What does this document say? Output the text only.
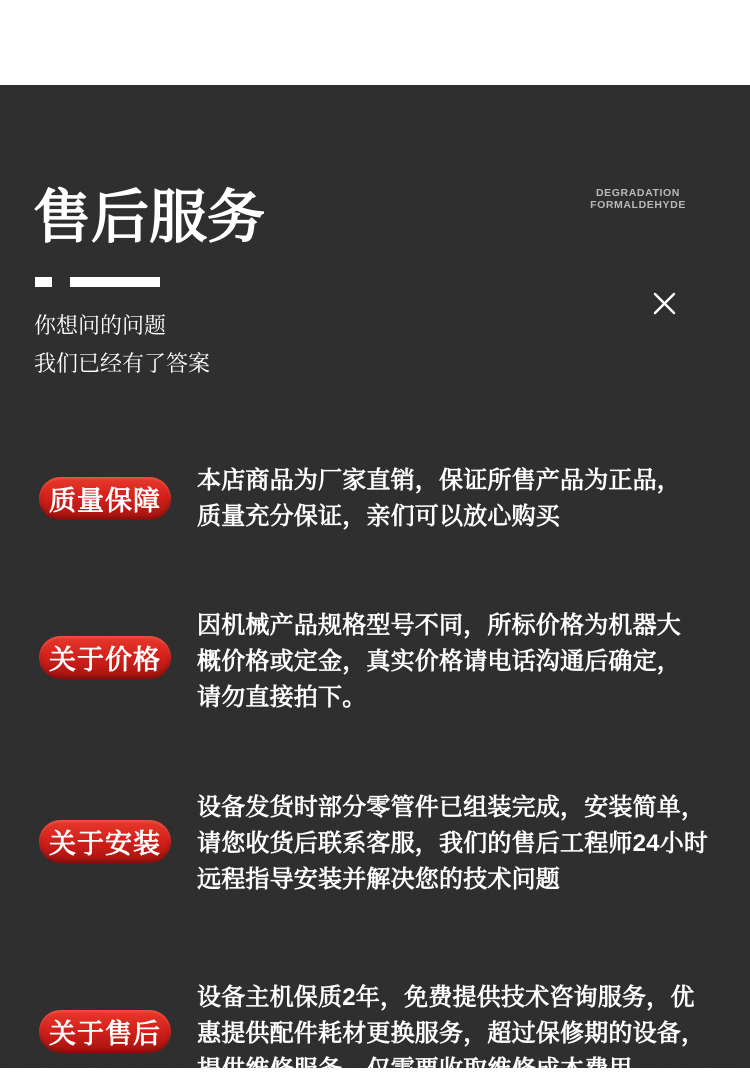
售后服务	DEGRADATION
FORMALDEHYDE
你想问的问题
我们已经有了答案
质量保障
本店商品为厂家直销，保证所售产品为正品，
质量充分保证，亲们可以放心购买
关于价格
因机械产品规格型号不同，所标价格为机器大
概价格或定金，真实价格请电话沟通后确定，
请勿直接拍下。
关于安装
设备发货时部分零管件已组装完成，安装简单，
请您收货后联系客服，我们的售后工程师24小时
远程指导安装并解决您的技术问题
关于售后
设备主机保质2年，免费提供技术咨询服务，优
惠提供配件耗材更换服务，超过保修期的设备，
提供维修服务，仅需要收取维修成本费用
